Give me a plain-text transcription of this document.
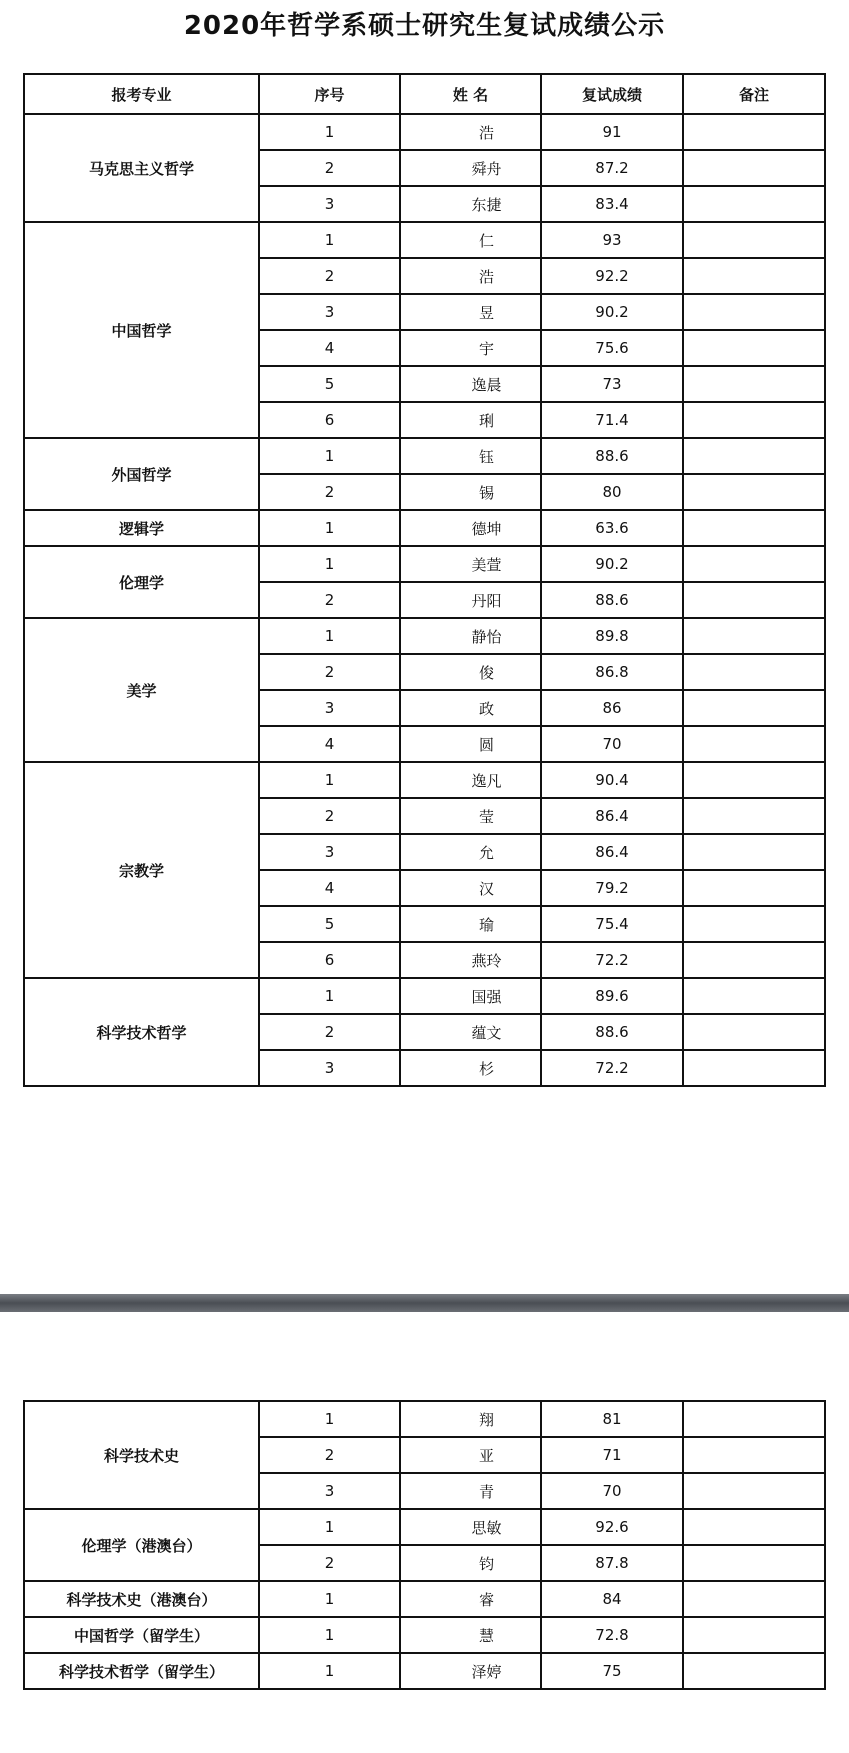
2020年哲学系硕士研究生复试成绩公示
报考专业	序号	姓 名	复试成绩	备注
马克思主义哲学	1	浩	91	
	2	舜舟	87.2	
	3	东捷	83.4	
中国哲学	1	仁	93	
	2	浩	92.2	
	3	昱	90.2	
	4	宇	75.6	
	5	逸晨	73	
	6	琍	71.4	
外国哲学	1	钰	88.6	
	2	锡	80	
逻辑学	1	德坤	63.6	
伦理学	1	美萱	90.2	
	2	丹阳	88.6	
美学	1	静怡	89.8	
	2	俊	86.8	
	3	政	86	
	4	圆	70	
宗教学	1	逸凡	90.4	
	2	莹	86.4	
	3	允	86.4	
	4	汉	79.2	
	5	瑜	75.4	
	6	燕玲	72.2	
科学技术哲学	1	国强	89.6	
	2	蕴文	88.6	
	3	杉	72.2	
科学技术史	1	翔	81	
	2	亚	71	
	3	青	70	
伦理学（港澳台）	1	思敏	92.6	
	2	钧	87.8	
科学技术史（港澳台）	1	睿	84	
中国哲学（留学生）	1	慧	72.8	
科学技术哲学（留学生）	1	泽婷	75	
